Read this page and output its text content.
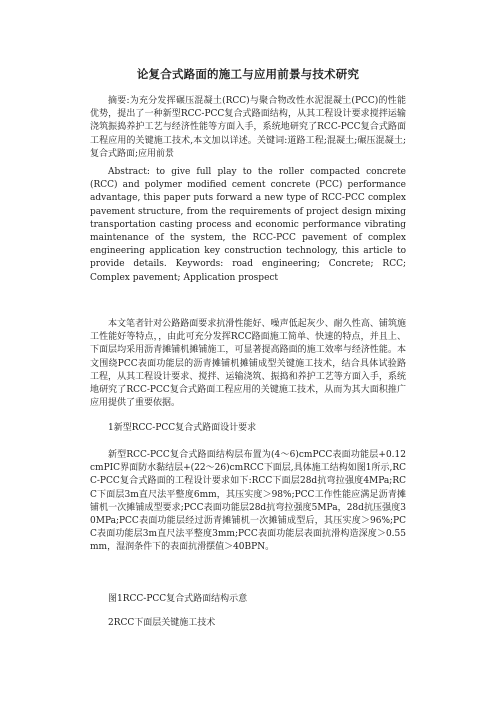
论复合式路面的施工与应用前景与技术研究

摘要:为充分发挥碾压混凝土(RCC)与聚合物改性水泥混凝土(PCC)的性能优势，提出了一种新型RCC-PCC复合式路面结构，从其工程设计要求搅拌运输浇筑振捣养护工艺与经济性能等方面入手，系统地研究了RCC-PCC复合式路面工程应用的关键施工技术,本文加以详述。关键词:道路工程;混凝土;碾压混凝土;复合式路面;应用前景

Abstract: to give full play to the roller compacted concrete (RCC) and polymer modified cement concrete (PCC) performance advantage, this paper puts forward a new type of RCC-PCC complex pavement structure, from the requirements of project design mixing transportation casting process and economic performance vibrating maintenance of the system, the RCC-PCC pavement of complex engineering application key construction technology, this article to provide details. Keywords: road engineering; Concrete; RCC; Complex pavement; Application prospect

本文笔者针对公路路面要求抗滑性能好、噪声低起灰少、耐久性高、铺筑施工性能好等特点，，由此可充分发挥RCC路面施工简单、快速的特点，并且上、下面层均采用沥青摊铺机摊铺施工，可显著提高路面的施工效率与经济性能。本文围绕PCC表面功能层的沥青摊铺机摊铺成型关键施工技术，结合具体试验路工程，从其工程设计要求、搅拌、运输浇筑、振捣和养护工艺等方面入手，系统地研究了RCC-PCC复合式路面工程应用的关键施工技术，从而为其大面积推广应用提供了重要依据。

1新型RCC-PCC复合式路面设计要求

新型RCC-PCC复合式路面结构层布置为(4～6)cmPCC表面功能层+0.12cmPIC界面防水黏结层+(22～26)cmRCC下面层,具体施工结构如图1所示,RCC-PCC复合式路面的工程设计要求如下:RCC下面层28d抗弯拉强度4MPa;RCC下面层3m直尺法平整度6mm，其压实度＞98%;PCC工作性能应满足沥青摊铺机一次摊铺成型要求;PCC表面功能层28d抗弯拉强度5MPa，28d抗压强度30MPa;PCC表面功能层经过沥青摊铺机一次摊铺成型后，其压实度＞96%;PCC表面功能层3m直尺法平整度3mm;PCC表面功能层表面抗滑构造深度＞0.55mm，湿润条件下的表面抗滑摆值＞40BPN。

图1RCC-PCC复合式路面结构示意

2RCC下面层关键施工技术
